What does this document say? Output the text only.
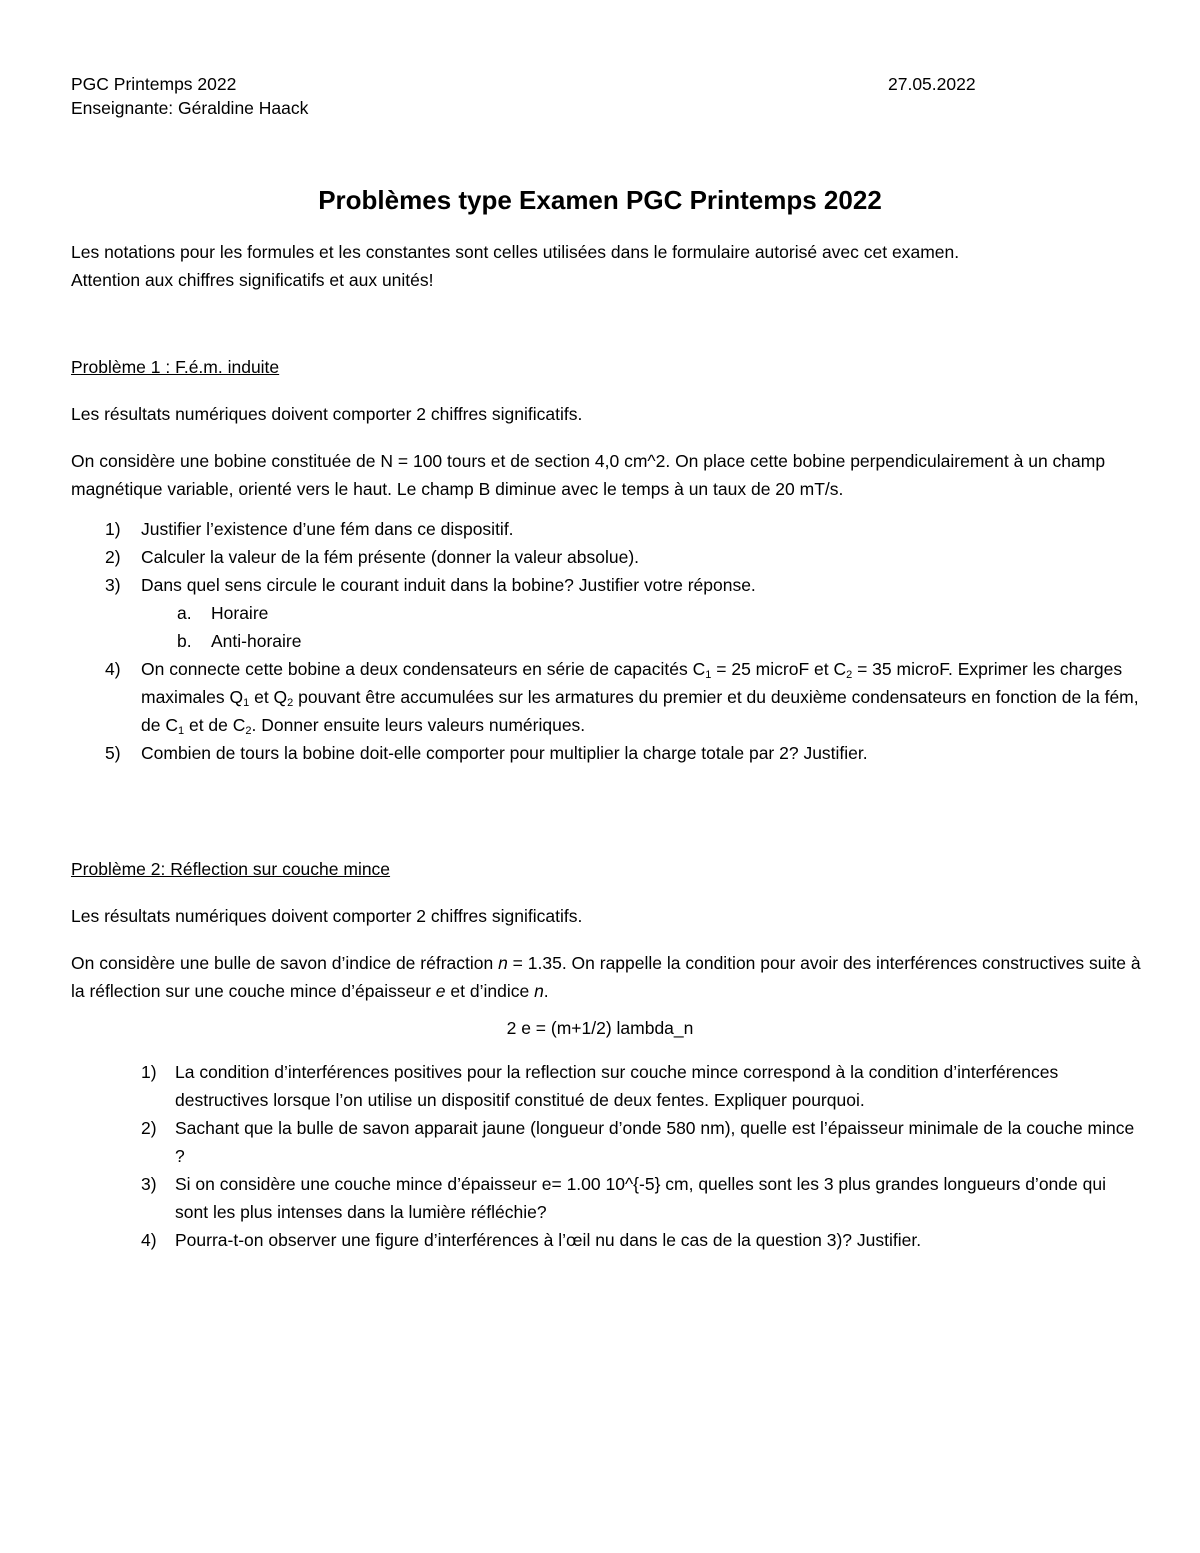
PGC Printemps 2022
Enseignante: Géraldine Haack
27.05.2022
Problèmes type Examen PGC Printemps 2022

Les notations pour les formules et les constantes sont celles utilisées dans le formulaire autorisé avec cet examen.

Attention aux chiffres significatifs et aux unités!

Problème 1 : F.é.m. induite

Les résultats numériques doivent comporter 2 chiffres significatifs.

On considère une bobine constituée de N = 100 tours et de section 4,0 cm^2. On place cette bobine perpendiculairement à un champ magnétique variable, orienté vers le haut. Le champ B diminue avec le temps à un taux de 20 mT/s.

1)	Justifier l’existence d’une fém dans ce dispositif.
2)	Calculer la valeur de la fém présente (donner la valeur absolue).
3)	Dans quel sens circule le courant induit dans la bobine? Justifier votre réponse.
a.	Horaire
b.	Anti-horaire
4)	On connecte cette bobine a deux condensateurs en série de capacités $C_1 = 25$ microF et $C_2 = 35$ microF. Exprimer les charges maximales $Q_1$ et $Q_2$ pouvant être accumulées sur les armatures du premier et du deuxième condensateurs en fonction de la fém, de $C_1$ et de $C_2$. Donner ensuite leurs valeurs numériques.
5)	Combien de tours la bobine doit-elle comporter pour multiplier la charge totale par 2? Justifier.

Problème 2: Réflection sur couche mince

Les résultats numériques doivent comporter 2 chiffres significatifs.

On considère une bulle de savon d’indice de réfraction n = 1.35. On rappelle la condition pour avoir des interférences constructives suite à la réflection sur une couche mince d’épaisseur e et d’indice n.

2 e = (m+1/2) lambda_n
1)	La condition d’interférences positives pour la reflection sur couche mince correspond à la condition d’interférences destructives lorsque l’on utilise un dispositif constitué de deux fentes. Expliquer pourquoi.
2)	Sachant que la bulle de savon apparait jaune (longueur d’onde 580 nm), quelle est l’épaisseur minimale de la couche mince ?
3)	Si on considère une couche mince d’épaisseur e= 1.00 10^{-5} cm, quelles sont les 3 plus grandes longueurs d’onde qui sont les plus intenses dans la lumière réfléchie?
4)	Pourra-t-on observer une figure d’interférences à l’œil nu dans le cas de la question 3)? Justifier.
